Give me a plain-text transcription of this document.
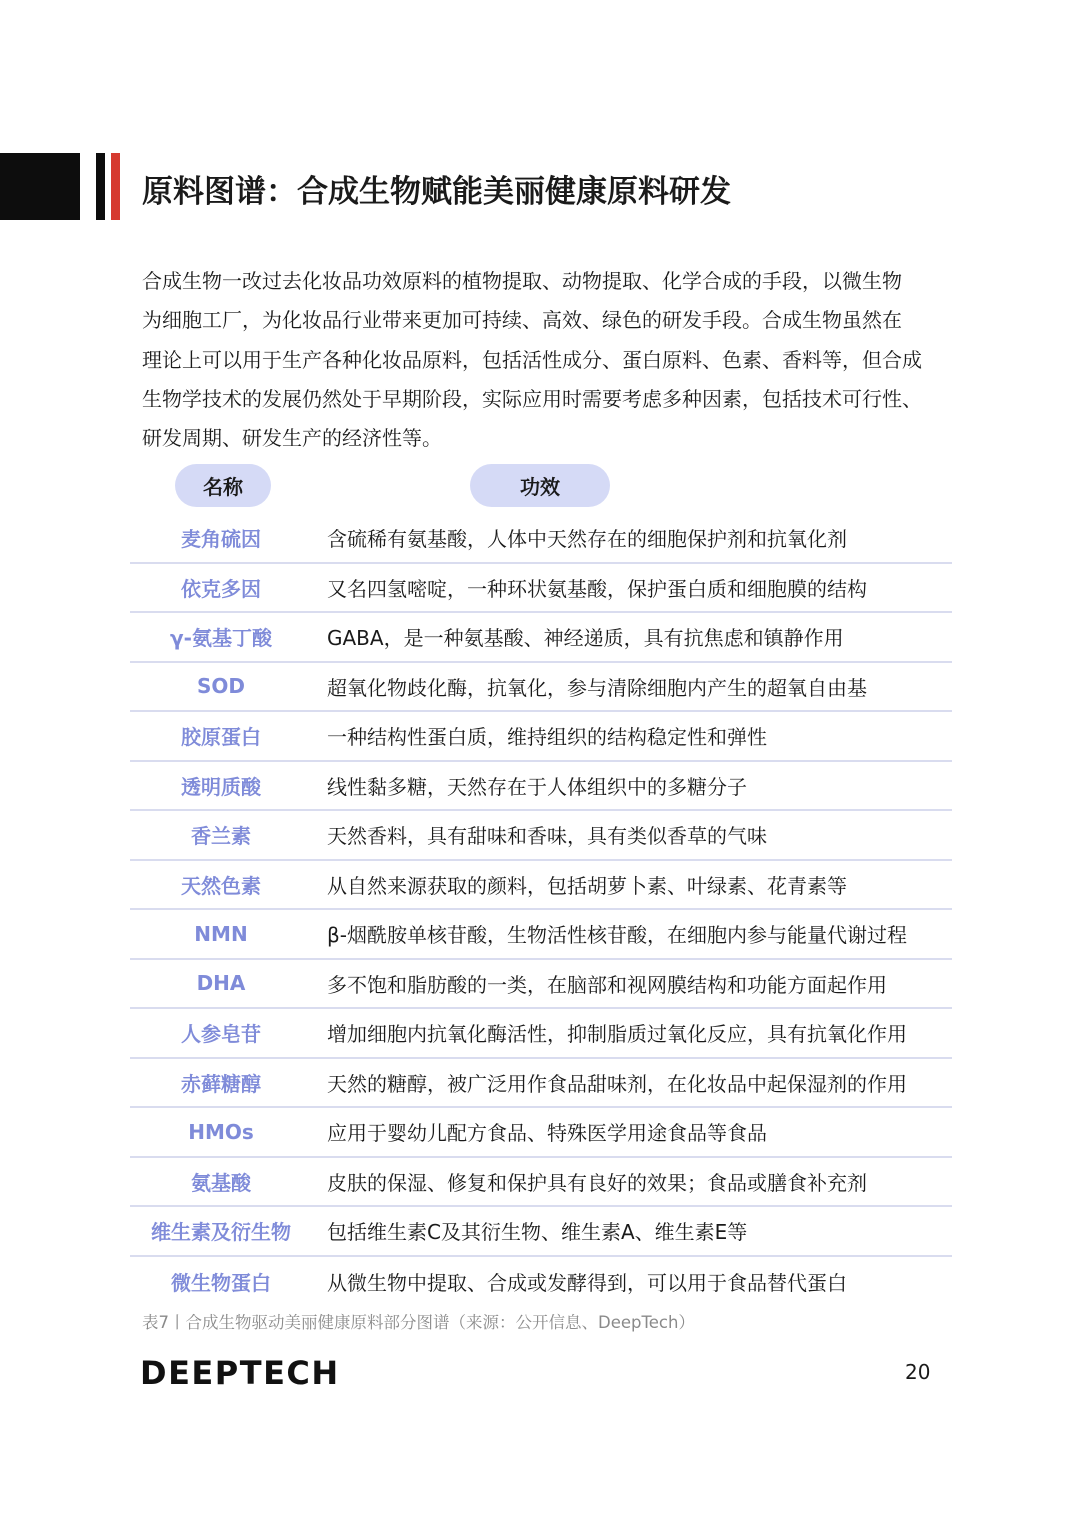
原料图谱：合成生物赋能美丽健康原料研发
合成生物一改过去化妆品功效原料的植物提取、动物提取、化学合成的手段，以微生物
为细胞工厂，为化妆品行业带来更加可持续、高效、绿色的研发手段。合成生物虽然在
理论上可以用于生产各种化妆品原料，包括活性成分、蛋白原料、色素、香料等，但合成
生物学技术的发展仍然处于早期阶段，实际应用时需要考虑多种因素，包括技术可行性、
研发周期、研发生产的经济性等。
名称	功效
麦角硫因	含硫稀有氨基酸，人体中天然存在的细胞保护剂和抗氧化剂
依克多因	又名四氢嘧啶，一种环状氨基酸，保护蛋白质和细胞膜的结构
γ-氨基丁酸	GABA，是一种氨基酸、神经递质，具有抗焦虑和镇静作用
SOD	超氧化物歧化酶，抗氧化，参与清除细胞内产生的超氧自由基
胶原蛋白	一种结构性蛋白质，维持组织的结构稳定性和弹性
透明质酸	线性黏多糖，天然存在于人体组织中的多糖分子
香兰素	天然香料，具有甜味和香味，具有类似香草的气味
天然色素	从自然来源获取的颜料，包括胡萝卜素、叶绿素、花青素等
NMN	β-烟酰胺单核苷酸，生物活性核苷酸，在细胞内参与能量代谢过程
DHA	多不饱和脂肪酸的一类，在脑部和视网膜结构和功能方面起作用
人参皂苷	增加细胞内抗氧化酶活性，抑制脂质过氧化反应，具有抗氧化作用
赤藓糖醇	天然的糖醇，被广泛用作食品甜味剂，在化妆品中起保湿剂的作用
HMOs	应用于婴幼儿配方食品、特殊医学用途食品等食品
氨基酸	皮肤的保湿、修复和保护具有良好的效果；食品或膳食补充剂
维生素及衍生物	包括维生素C及其衍生物、维生素A、维生素E等
微生物蛋白	从微生物中提取、合成或发酵得到，可以用于食品替代蛋白

表7丨合成生物驱动美丽健康原料部分图谱（来源：公开信息、DeepTech）

DEEPTECH	20
